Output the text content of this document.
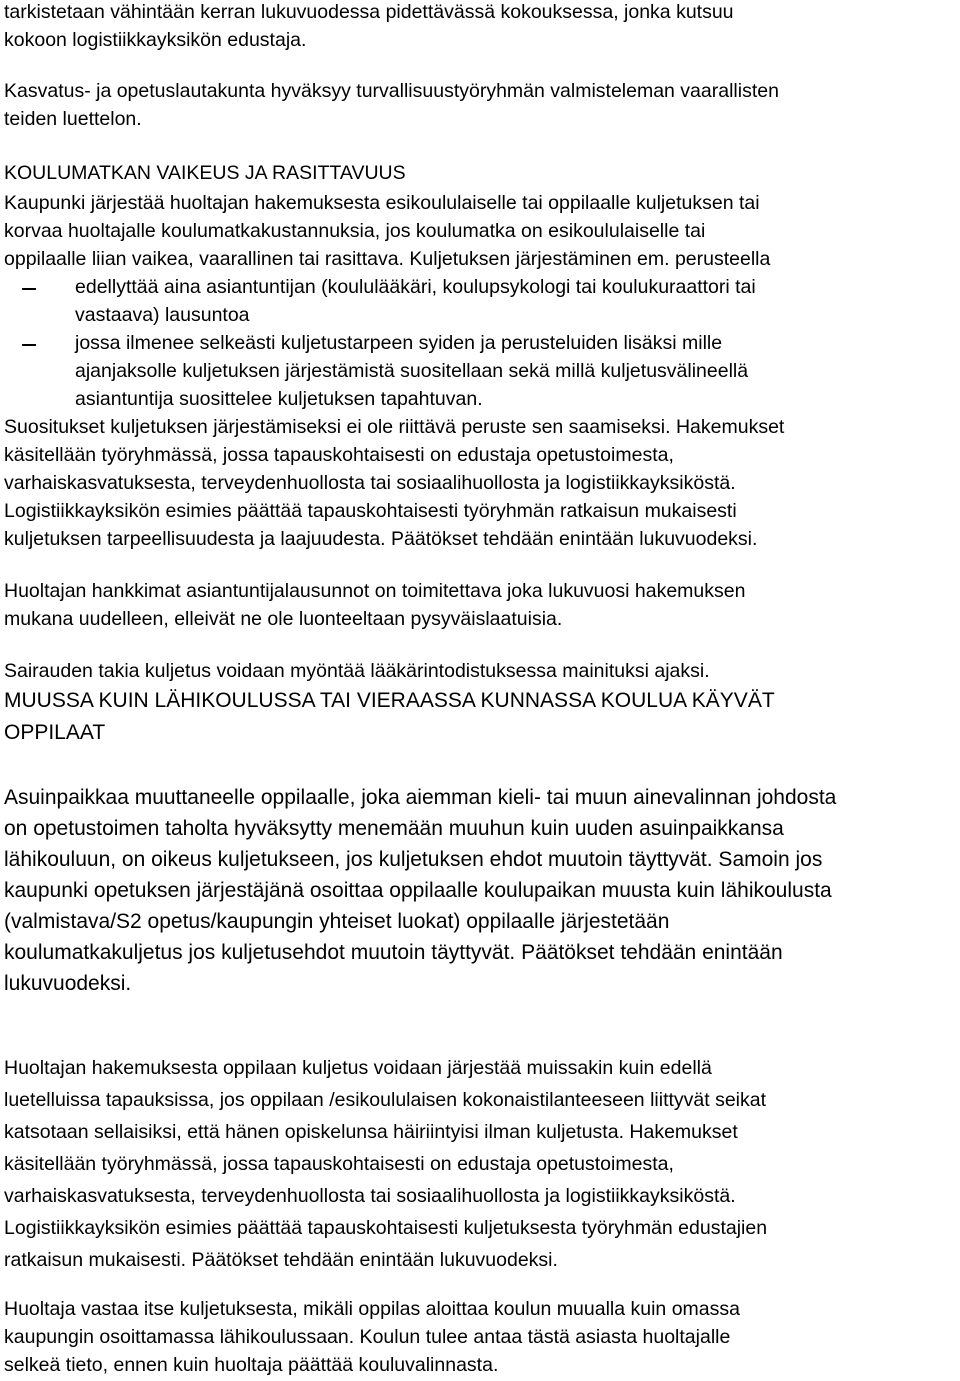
tarkistetaan vähintään kerran lukuvuodessa pidettävässä kokouksessa, jonka kutsuu
kokoon logistiikkayksikön edustaja.
Kasvatus- ja opetuslautakunta hyväksyy turvallisuustyöryhmän valmisteleman vaarallisten
teiden luettelon.
KOULUMATKAN VAIKEUS JA RASITTAVUUS
Kaupunki järjestää huoltajan hakemuksesta esikoululaiselle tai oppilaalle kuljetuksen tai
korvaa huoltajalle koulumatkakustannuksia, jos koulumatka on esikoululaiselle tai
oppilaalle liian vaikea, vaarallinen tai rasittava. Kuljetuksen järjestäminen em. perusteella
edellyttää aina asiantuntijan (koululääkäri, koulupsykologi tai koulukuraattori tai
vastaava) lausuntoa
jossa ilmenee selkeästi kuljetustarpeen syiden ja perusteluiden lisäksi mille
ajanjaksolle kuljetuksen järjestämistä suositellaan sekä millä kuljetusvälineellä
asiantuntija suosittelee kuljetuksen tapahtuvan.
Suositukset kuljetuksen järjestämiseksi ei ole riittävä peruste sen saamiseksi. Hakemukset
käsitellään työryhmässä, jossa tapauskohtaisesti on edustaja opetustoimesta,
varhaiskasvatuksesta, terveydenhuollosta tai sosiaalihuollosta ja logistiikkayksiköstä.
Logistiikkayksikön esimies päättää tapauskohtaisesti työryhmän ratkaisun mukaisesti
kuljetuksen tarpeellisuudesta ja laajuudesta. Päätökset tehdään enintään lukuvuodeksi.
Huoltajan hankkimat asiantuntijalausunnot on toimitettava joka lukuvuosi hakemuksen
mukana uudelleen, elleivät ne ole luonteeltaan pysyväislaatuisia.
Sairauden takia kuljetus voidaan myöntää lääkärintodistuksessa mainituksi ajaksi.
MUUSSA KUIN LÄHIKOULUSSA TAI VIERAASSA KUNNASSA KOULUA KÄYVÄT
OPPILAAT
Asuinpaikkaa muuttaneelle oppilaalle, joka aiemman kieli- tai muun ainevalinnan johdosta
on opetustoimen taholta hyväksytty menemään muuhun kuin uuden asuinpaikkansa
lähikouluun, on oikeus kuljetukseen, jos kuljetuksen ehdot muutoin täyttyvät. Samoin jos
kaupunki opetuksen järjestäjänä osoittaa oppilaalle koulupaikan muusta kuin lähikoulusta
(valmistava/S2 opetus/kaupungin yhteiset luokat) oppilaalle järjestetään
koulumatkakuljetus jos kuljetusehdot muutoin täyttyvät. Päätökset tehdään enintään
lukuvuodeksi.
Huoltajan hakemuksesta oppilaan kuljetus voidaan järjestää muissakin kuin edellä
luetelluissa tapauksissa, jos oppilaan /esikoululaisen kokonaistilanteeseen liittyvät seikat
katsotaan sellaisiksi, että hänen opiskelunsa häiriintyisi ilman kuljetusta. Hakemukset
käsitellään työryhmässä, jossa tapauskohtaisesti on edustaja opetustoimesta,
varhaiskasvatuksesta, terveydenhuollosta tai sosiaalihuollosta ja logistiikkayksiköstä.
Logistiikkayksikön esimies päättää tapauskohtaisesti kuljetuksesta työryhmän edustajien
ratkaisun mukaisesti. Päätökset tehdään enintään lukuvuodeksi.
Huoltaja vastaa itse kuljetuksesta, mikäli oppilas aloittaa koulun muualla kuin omassa
kaupungin osoittamassa lähikoulussaan. Koulun tulee antaa tästä asiasta huoltajalle
selkeä tieto, ennen kuin huoltaja päättää kouluvalinnasta.
